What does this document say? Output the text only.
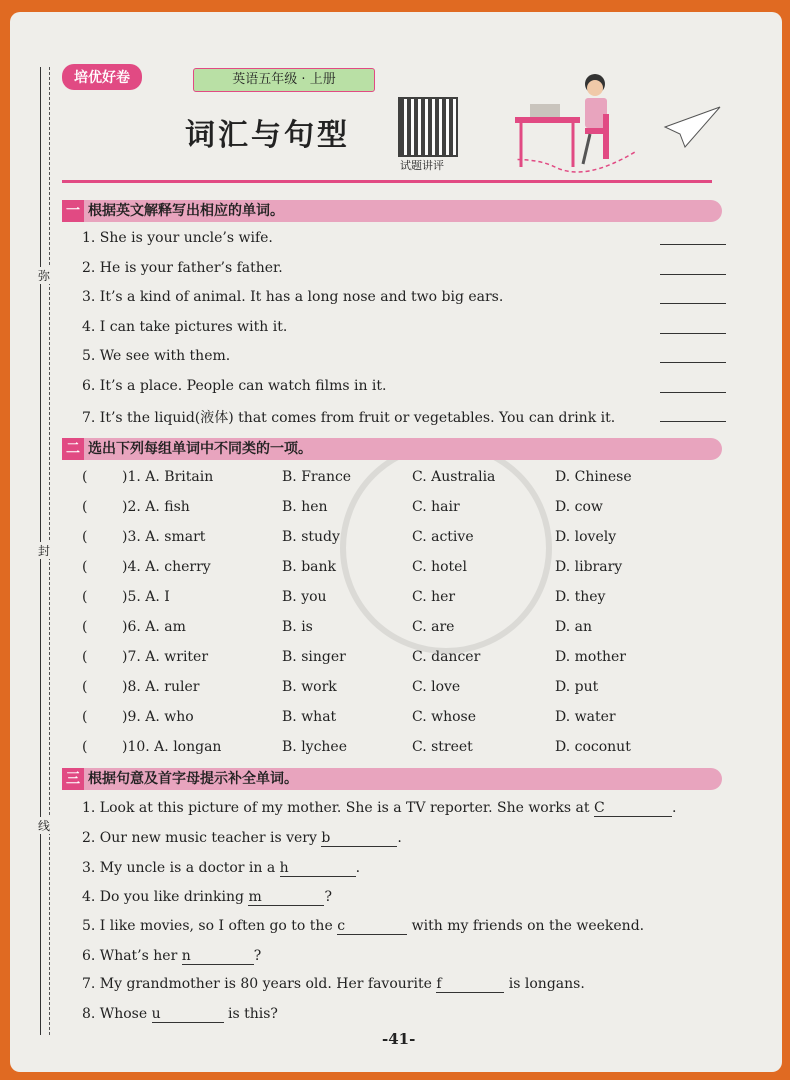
弥
封
线
培优好卷	英语五年级 · 上册
词汇与句型
试题讲评
一 根据英文解释写出相应的单词。
1. She is your uncle’s wife.
2. He is your father’s father.
3. It’s a kind of animal. It has a long nose and two big ears.
4. I can take pictures with it.
5. We see with them.
6. It’s a place. People can watch films in it.
7. It’s the liquid(液体) that comes from fruit or vegetables. You can drink it.
二 选出下列每组单词中不同类的一项。
( )1. A. Britain	B. France	C. Australia	D. Chinese
( )2. A. fish	B. hen	C. hair	D. cow
( )3. A. smart	B. study	C. active	D. lovely
( )4. A. cherry	B. bank	C. hotel	D. library
( )5. A. I	B. you	C. her	D. they
( )6. A. am	B. is	C. are	D. an
( )7. A. writer	B. singer	C. dancer	D. mother
( )8. A. ruler	B. work	C. love	D. put
( )9. A. who	B. what	C. whose	D. water
( )10. A. longan	B. lychee	C. street	D. coconut
三 根据句意及首字母提示补全单词。
1. Look at this picture of my mother. She is a TV reporter. She works at C	.
2. Our new music teacher is very b	.
3. My uncle is a doctor in a h	.
4. Do you like drinking m	?
5. I like movies, so I often go to the c	with my friends on the weekend.
6. What’s her n	?
7. My grandmother is 80 years old. Her favourite f	is longans.
8. Whose u	is this?
-41-
